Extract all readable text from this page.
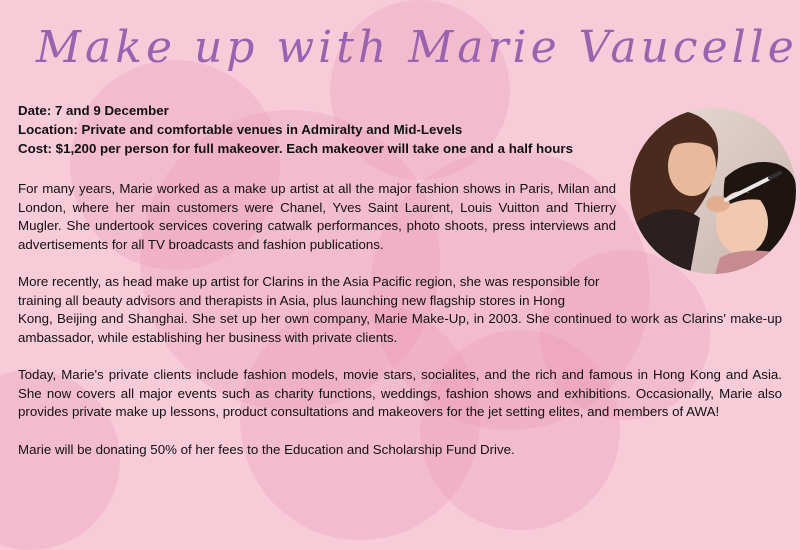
Make up with Marie Vaucelle
Date: 7 and 9 December
Location: Private and comfortable venues in Admiralty and Mid-Levels
Cost: $1,200 per person for full makeover. Each makeover will take one and a half hours

For many years, Marie worked as a make up artist at all the major fashion shows in Paris, Milan and London, where her main customers were Chanel, Yves Saint Laurent, Louis Vuitton and Thierry Mugler. She undertook services covering catwalk performances, photo shoots, press interviews and advertisements for all TV broadcasts and fashion publications.

More recently, as head make up artist for Clarins in the Asia Pacific region, she was responsible for training all beauty advisors and therapists in Asia, plus launching new flagship stores in Hong

Kong, Beijing and Shanghai. She set up her own company, Marie Make-Up, in 2003. She continued to work as Clarins' make-up ambassador, while establishing her business with private clients.

Today, Marie's private clients include fashion models, movie stars, socialites, and the rich and famous in Hong Kong and Asia. She now covers all major events such as charity functions, weddings, fashion shows and exhibitions. Occasionally, Marie also provides private make up lessons, product consultations and makeovers for the jet setting elites, and members of AWA!

Marie will be donating 50% of her fees to the Education and Scholarship Fund Drive.
